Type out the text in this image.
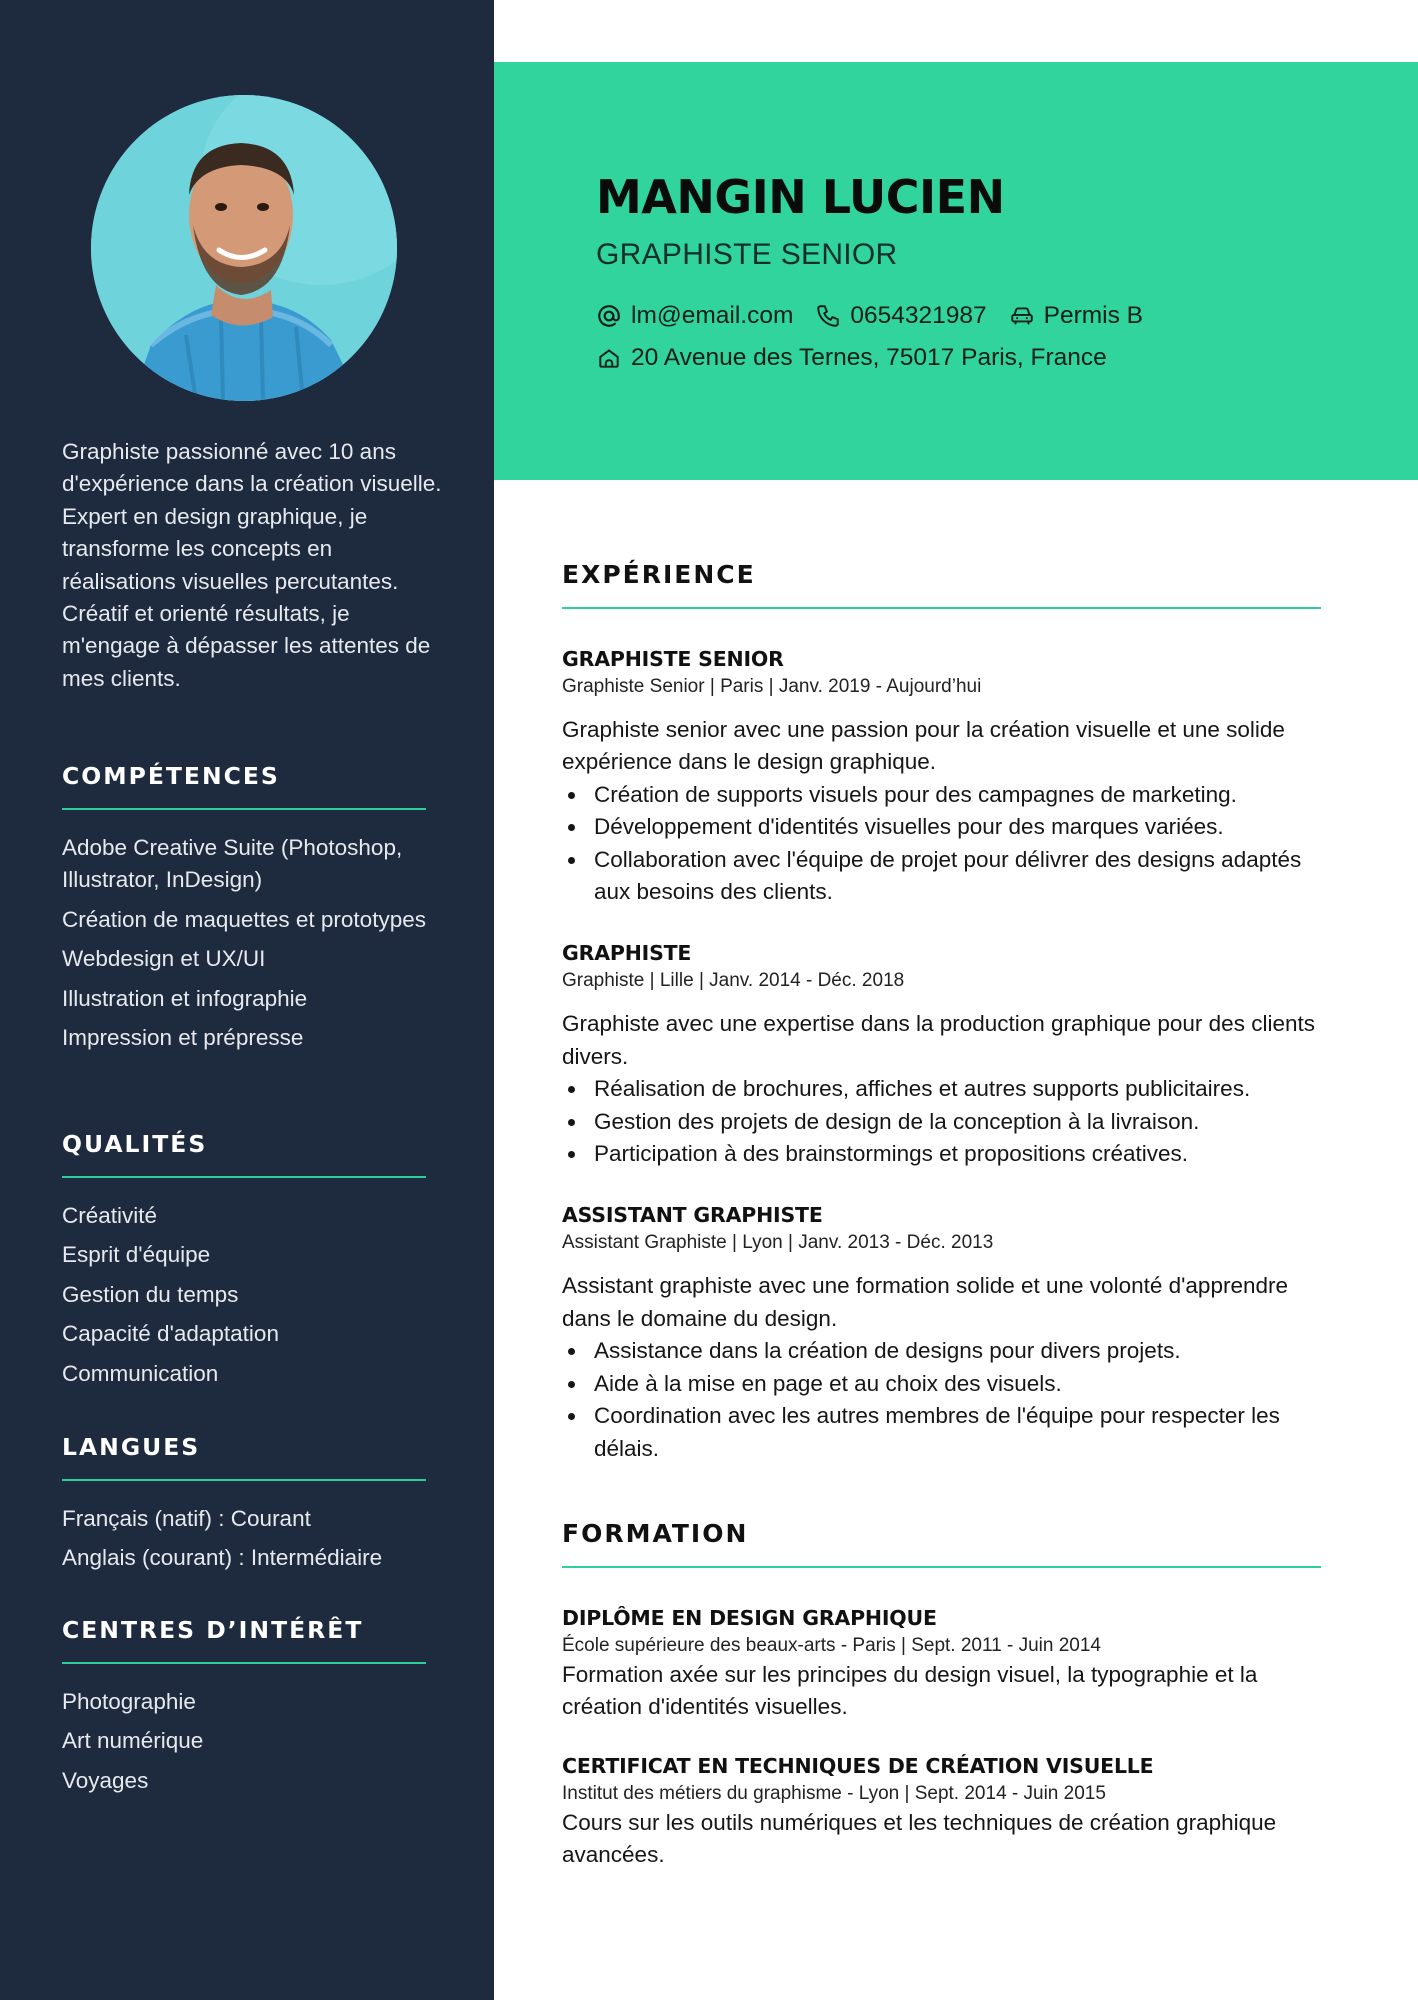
Graphiste passionné avec 10 ans d'expérience dans la création visuelle. Expert en design graphique, je transforme les concepts en réalisations visuelles percutantes. Créatif et orienté résultats, je m'engage à dépasser les attentes de mes clients.

COMPÉTENCES
Adobe Creative Suite (Photoshop, Illustrator, InDesign)
Création de maquettes et prototypes
Webdesign et UX/UI
Illustration et infographie
Impression et prépresse
QUALITÉS
Créativité
Esprit d'équipe
Gestion du temps
Capacité d'adaptation
Communication
LANGUES
Français (natif) : Courant
Anglais (courant) : Intermédiaire
CENTRES D’INTÉRÊT
Photographie
Art numérique
Voyages
MANGIN LUCIEN
GRAPHISTE SENIOR
lm@email.com 0654321987 Permis B
20 Avenue des Ternes, 75017 Paris, France
EXPÉRIENCE
GRAPHISTE SENIOR
Graphiste Senior | Paris | Janv. 2019 - Aujourd’hui

Graphiste senior avec une passion pour la création visuelle et une solide expérience dans le design graphique.

Création de supports visuels pour des campagnes de marketing.
Développement d'identités visuelles pour des marques variées.
Collaboration avec l'équipe de projet pour délivrer des designs adaptés aux besoins des clients.
GRAPHISTE
Graphiste | Lille | Janv. 2014 - Déc. 2018

Graphiste avec une expertise dans la production graphique pour des clients divers.

Réalisation de brochures, affiches et autres supports publicitaires.
Gestion des projets de design de la conception à la livraison.
Participation à des brainstormings et propositions créatives.
ASSISTANT GRAPHISTE
Assistant Graphiste | Lyon | Janv. 2013 - Déc. 2013

Assistant graphiste avec une formation solide et une volonté d'apprendre dans le domaine du design.

Assistance dans la création de designs pour divers projets.
Aide à la mise en page et au choix des visuels.
Coordination avec les autres membres de l'équipe pour respecter les délais.
FORMATION
DIPLÔME EN DESIGN GRAPHIQUE
École supérieure des beaux-arts - Paris | Sept. 2011 - Juin 2014

Formation axée sur les principes du design visuel, la typographie et la création d'identités visuelles.

CERTIFICAT EN TECHNIQUES DE CRÉATION VISUELLE
Institut des métiers du graphisme - Lyon | Sept. 2014 - Juin 2015

Cours sur les outils numériques et les techniques de création graphique avancées.
